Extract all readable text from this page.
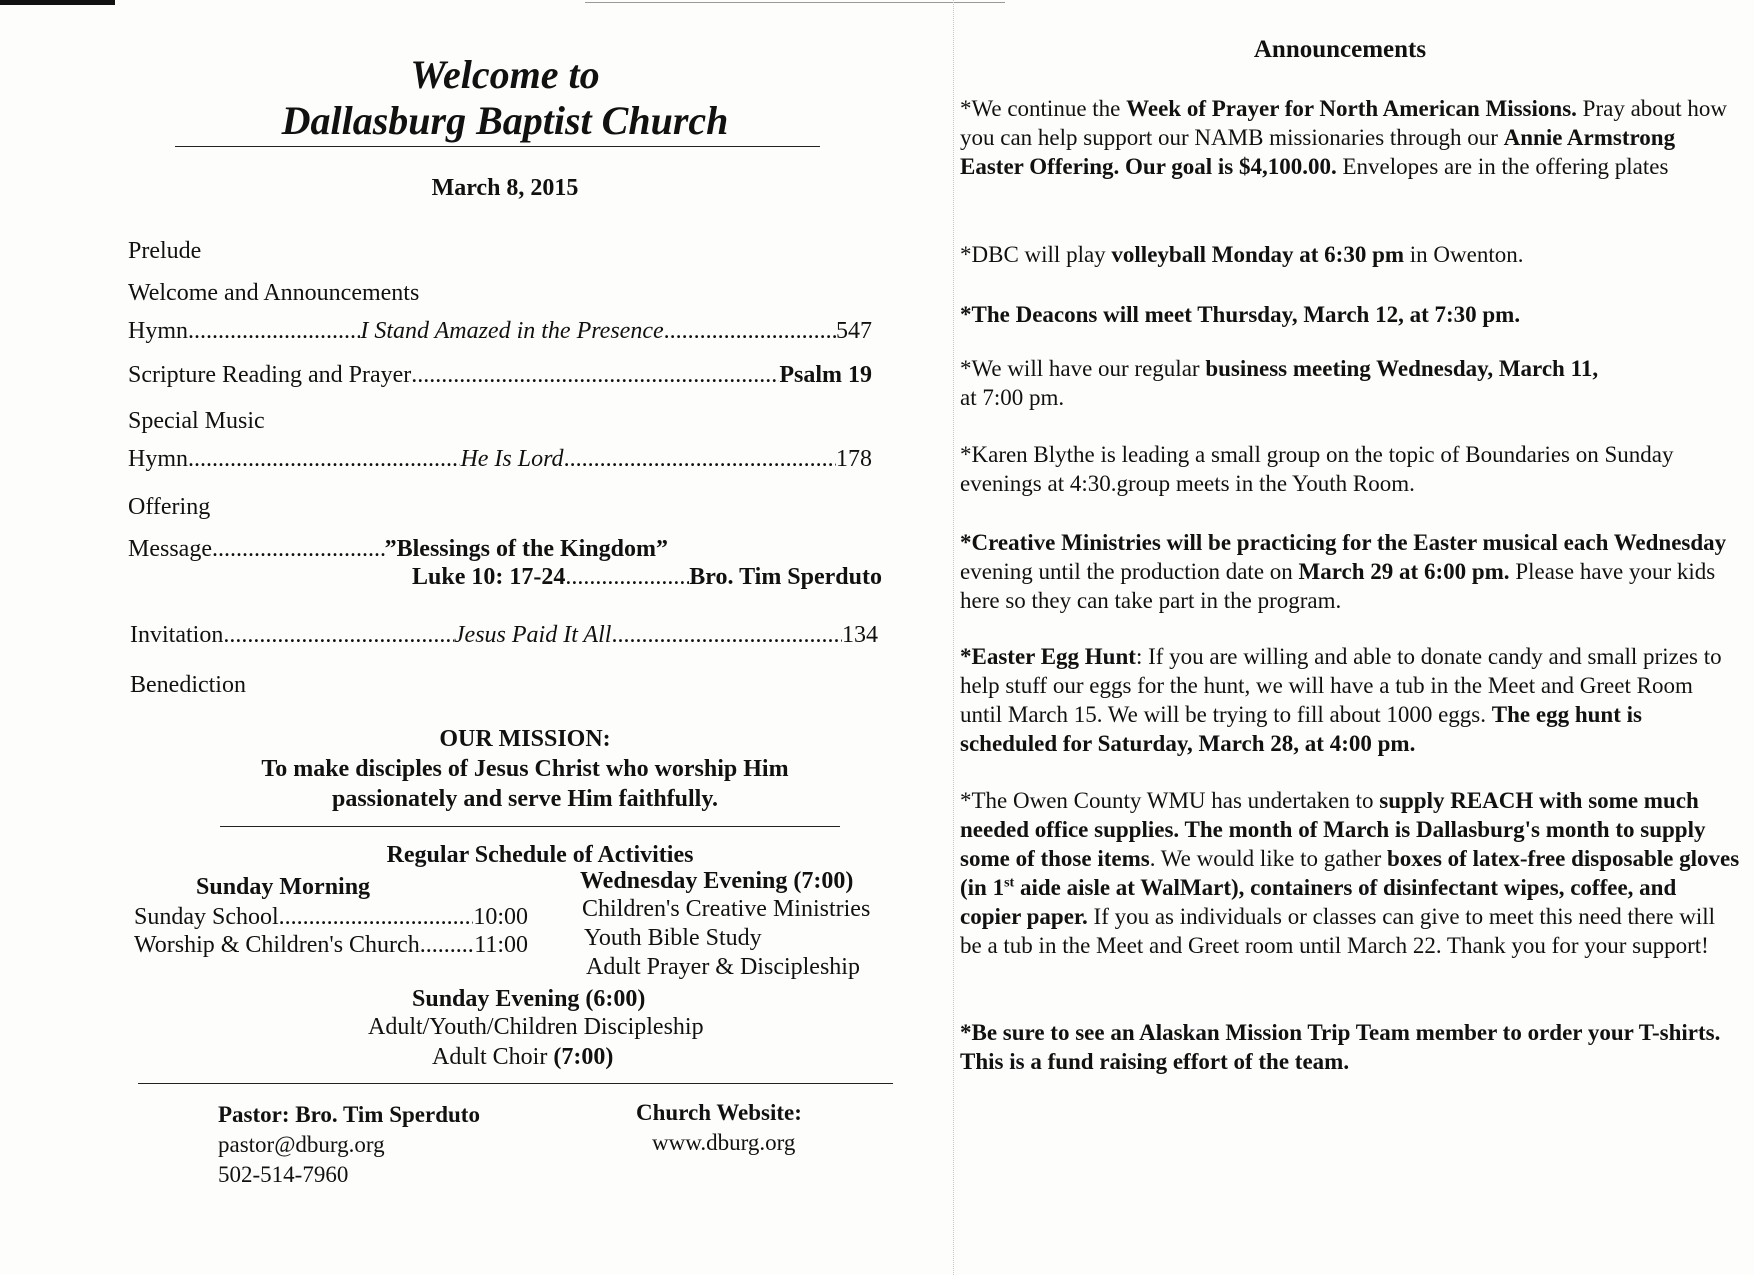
Welcome to
Dallasburg Baptist Church
March 8, 2015
Prelude
Welcome and Announcements
Hymn .....	I Stand Amazed in the Presence .....	547
Scripture Reading and Prayer .....	Psalm 19
Special Music
Hymn .....	He Is Lord .....	178
Offering
Message .....	”Blessings of the Kingdom”
Luke 10: 17-24 .....	Bro. Tim Sperduto
Invitation .....	Jesus Paid It All .....	134
Benediction
OUR MISSION:
To make disciples of Jesus Christ who worship Him
passionately and serve Him faithfully.
Regular Schedule of Activities
Sunday Morning	Wednesday Evening (7:00)
Sunday School .....	10:00
Worship & Children's Church ..... 11:00
Children's Creative Ministries
Youth Bible Study
Adult Prayer & Discipleship
Sunday Evening (6:00)
Adult/Youth/Children Discipleship
Adult Choir (7:00)
Pastor: Bro. Tim Sperduto
pastor@dburg.org
502-514-7960
Church Website:
www.dburg.org
Announcements
*We continue the Week of Prayer for North American Missions. Pray about how you can help support our NAMB missionaries through our Annie Armstrong Easter Offering. Our goal is $4,100.00. Envelopes are in the offering plates
*DBC will play volleyball Monday at 6:30 pm in Owenton.
*The Deacons will meet Thursday, March 12, at 7:30 pm.
*We will have our regular business meeting Wednesday, March 11,
at 7:00 pm.
*Karen Blythe is leading a small group on the topic of Boundaries on Sunday evenings at 4:30.group meets in the Youth Room.
*Creative Ministries will be practicing for the Easter musical each Wednesday evening until the production date on March 29 at 6:00 pm. Please have your kids here so they can take part in the program.
*Easter Egg Hunt: If you are willing and able to donate candy and small prizes to help stuff our eggs for the hunt, we will have a tub in the Meet and Greet Room until March 15. We will be trying to fill about 1000 eggs. The egg hunt is scheduled for Saturday, March 28, at 4:00 pm.
*The Owen County WMU has undertaken to supply REACH with some much needed office supplies. The month of March is Dallasburg's month to supply some of those items. We would like to gather boxes of latex-free disposable gloves (in 1st aide aisle at WalMart), containers of disinfectant wipes, coffee, and copier paper. If you as individuals or classes can give to meet this need there will be a tub in the Meet and Greet room until March 22. Thank you for your support!
*Be sure to see an Alaskan Mission Trip Team member to order your T-shirts. This is a fund raising effort of the team.
